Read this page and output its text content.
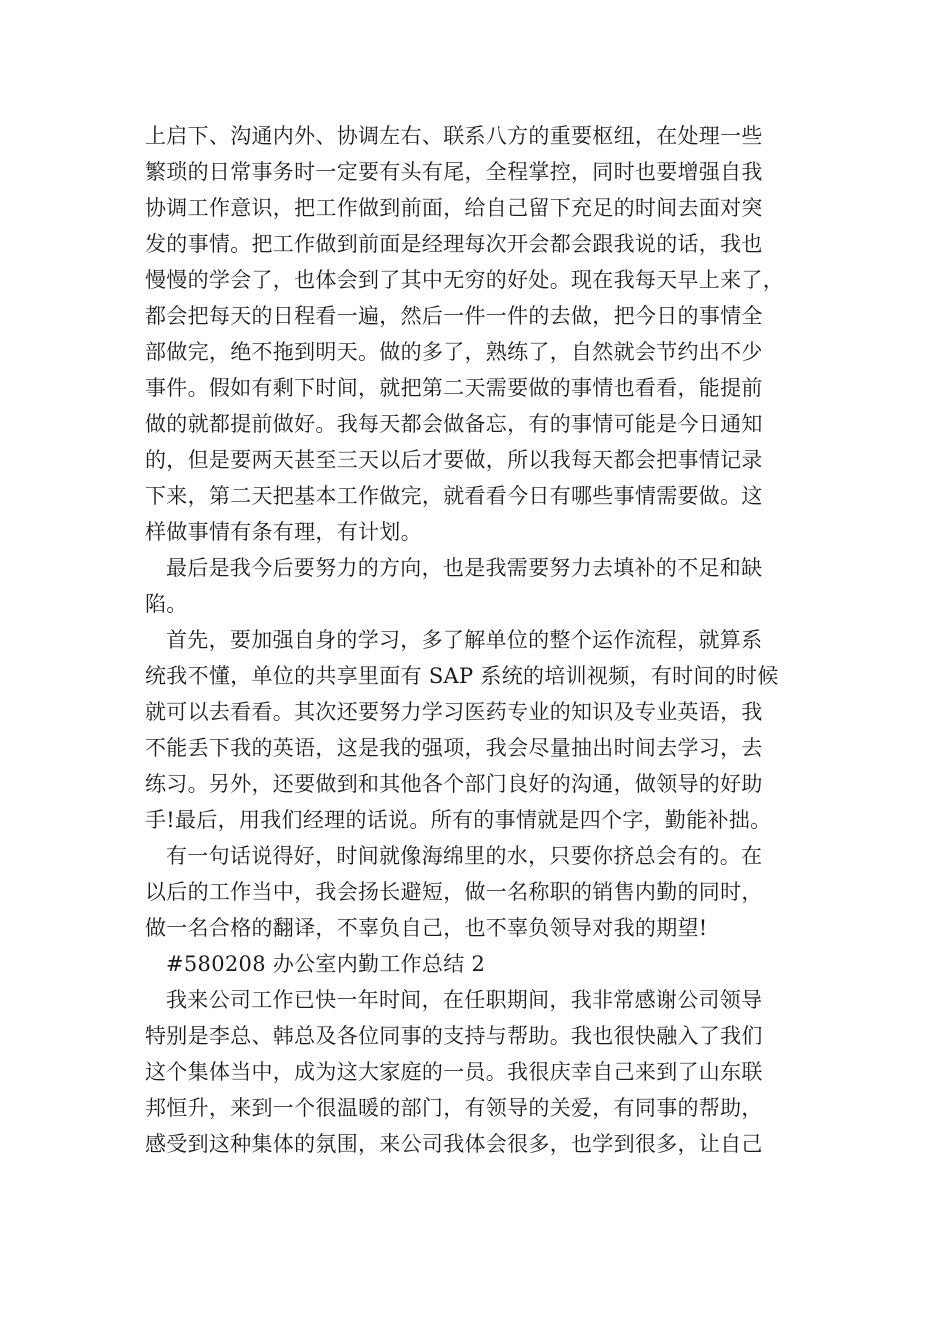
上启下、沟通内外、协调左右、联系八方的重要枢纽，在处理一些
繁琐的日常事务时一定要有头有尾，全程掌控，同时也要增强自我
协调工作意识，把工作做到前面，给自己留下充足的时间去面对突
发的事情。把工作做到前面是经理每次开会都会跟我说的话，我也
慢慢的学会了，也体会到了其中无穷的好处。现在我每天早上来了，
都会把每天的日程看一遍，然后一件一件的去做，把今日的事情全
部做完，绝不拖到明天。做的多了，熟练了，自然就会节约出不少
事件。假如有剩下时间，就把第二天需要做的事情也看看，能提前
做的就都提前做好。我每天都会做备忘，有的事情可能是今日通知
的，但是要两天甚至三天以后才要做，所以我每天都会把事情记录
下来，第二天把基本工作做完，就看看今日有哪些事情需要做。这
样做事情有条有理，有计划。
最后是我今后要努力的方向，也是我需要努力去填补的不足和缺
陷。
首先，要加强自身的学习，多了解单位的整个运作流程，就算系
统我不懂，单位的共享里面有 SAP 系统的培训视频，有时间的时候
就可以去看看。其次还要努力学习医药专业的知识及专业英语，我
不能丢下我的英语，这是我的强项，我会尽量抽出时间去学习，去
练习。另外，还要做到和其他各个部门良好的沟通，做领导的好助
手!最后，用我们经理的话说。所有的事情就是四个字，勤能补拙。
有一句话说得好，时间就像海绵里的水，只要你挤总会有的。在
以后的工作当中，我会扬长避短，做一名称职的销售内勤的同时，
做一名合格的翻译，不辜负自己，也不辜负领导对我的期望!
#580208 办公室内勤工作总结 2
我来公司工作已快一年时间，在任职期间，我非常感谢公司领导
特别是李总、韩总及各位同事的支持与帮助。我也很快融入了我们
这个集体当中，成为这大家庭的一员。我很庆幸自己来到了山东联
邦恒升，来到一个很温暖的部门，有领导的关爱，有同事的帮助，
感受到这种集体的氛围，来公司我体会很多，也学到很多，让自己
